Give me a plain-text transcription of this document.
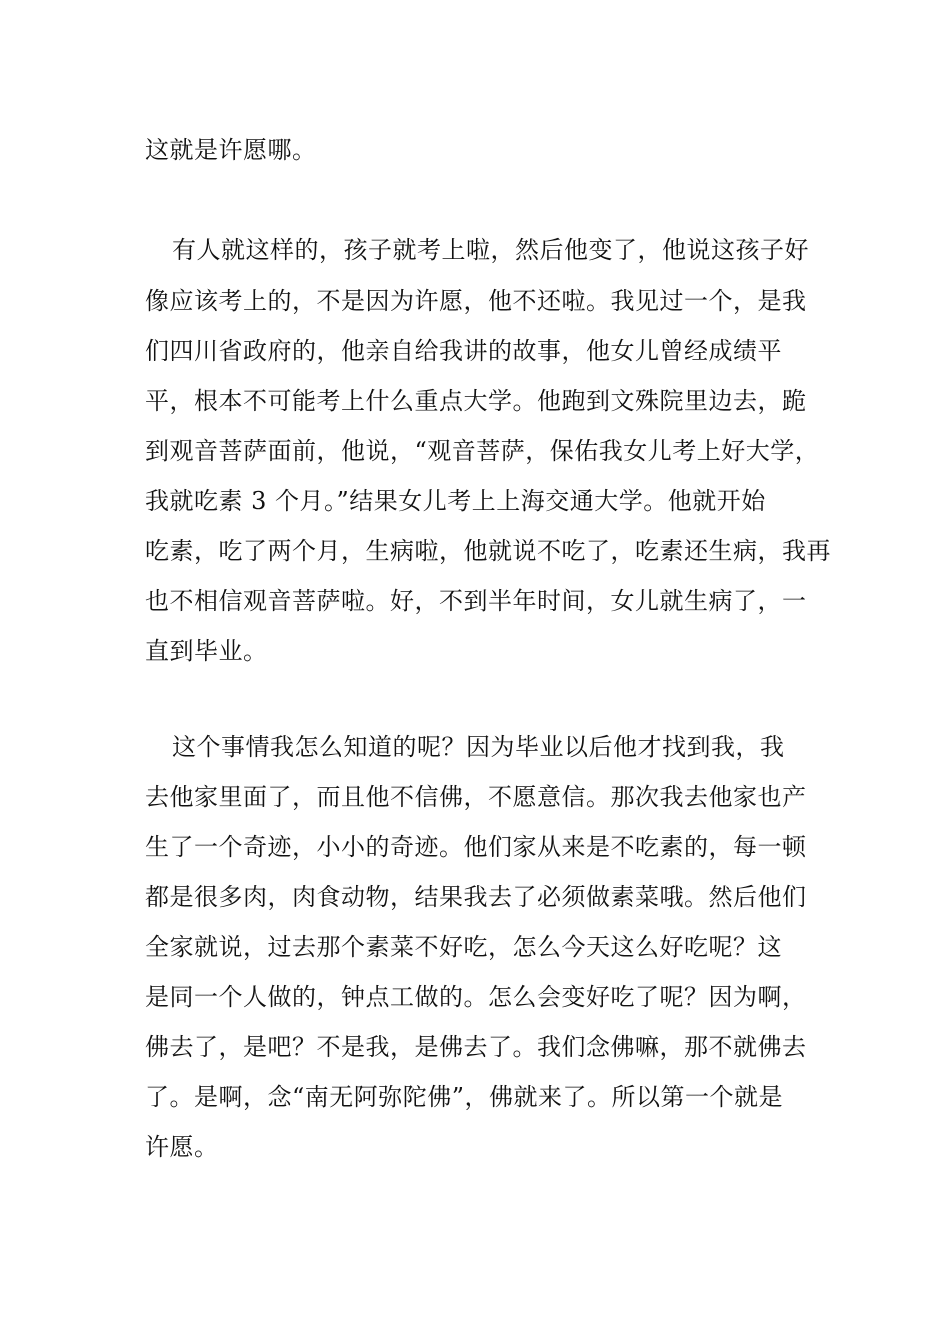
这就是许愿哪。
有人就这样的，孩子就考上啦，然后他变了，他说这孩子好
像应该考上的，不是因为许愿，他不还啦。我见过一个，是我
们四川省政府的，他亲自给我讲的故事，他女儿曾经成绩平
平，根本不可能考上什么重点大学。他跑到文殊院里边去，跪
到观音菩萨面前，他说，“观音菩萨，保佑我女儿考上好大学，
我就吃素 3 个月。”结果女儿考上上海交通大学。他就开始
吃素，吃了两个月，生病啦，他就说不吃了，吃素还生病，我再
也不相信观音菩萨啦。好，不到半年时间，女儿就生病了，一
直到毕业。
这个事情我怎么知道的呢？因为毕业以后他才找到我，我
去他家里面了，而且他不信佛，不愿意信。那次我去他家也产
生了一个奇迹，小小的奇迹。他们家从来是不吃素的，每一顿
都是很多肉，肉食动物，结果我去了必须做素菜哦。然后他们
全家就说，过去那个素菜不好吃，怎么今天这么好吃呢？这
是同一个人做的，钟点工做的。怎么会变好吃了呢？因为啊，
佛去了，是吧？不是我，是佛去了。我们念佛嘛，那不就佛去
了。是啊，念“南无阿弥陀佛”，佛就来了。所以第一个就是
许愿。
